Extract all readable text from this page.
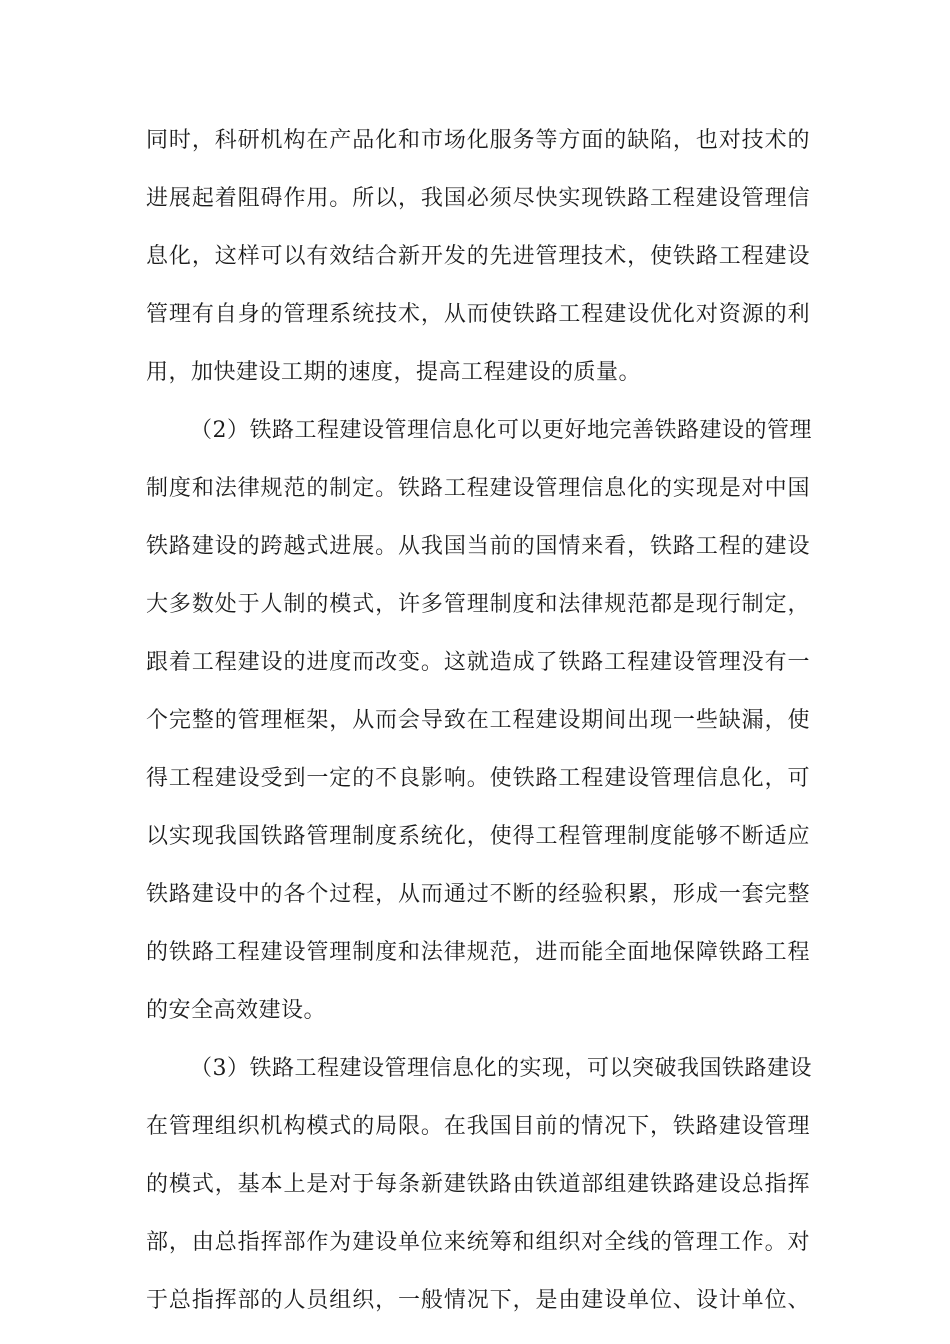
同时，科研机构在产品化和市场化服务等方面的缺陷，也对技术的
进展起着阻碍作用。所以，我国必须尽快实现铁路工程建设管理信
息化，这样可以有效结合新开发的先进管理技术，使铁路工程建设
管理有自身的管理系统技术，从而使铁路工程建设优化对资源的利
用，加快建设工期的速度，提高工程建设的质量。
（2）铁路工程建设管理信息化可以更好地完善铁路建设的管理
制度和法律规范的制定。铁路工程建设管理信息化的实现是对中国
铁路建设的跨越式进展。从我国当前的国情来看，铁路工程的建设
大多数处于人制的模式，许多管理制度和法律规范都是现行制定，
跟着工程建设的进度而改变。这就造成了铁路工程建设管理没有一
个完整的管理框架，从而会导致在工程建设期间出现一些缺漏，使
得工程建设受到一定的不良影响。使铁路工程建设管理信息化，可
以实现我国铁路管理制度系统化，使得工程管理制度能够不断适应
铁路建设中的各个过程，从而通过不断的经验积累，形成一套完整
的铁路工程建设管理制度和法律规范，进而能全面地保障铁路工程
的安全高效建设。
（3）铁路工程建设管理信息化的实现，可以突破我国铁路建设
在管理组织机构模式的局限。在我国目前的情况下，铁路建设管理
的模式，基本上是对于每条新建铁路由铁道部组建铁路建设总指挥
部，由总指挥部作为建设单位来统筹和组织对全线的管理工作。对
于总指挥部的人员组织，一般情况下，是由建设单位、设计单位、
